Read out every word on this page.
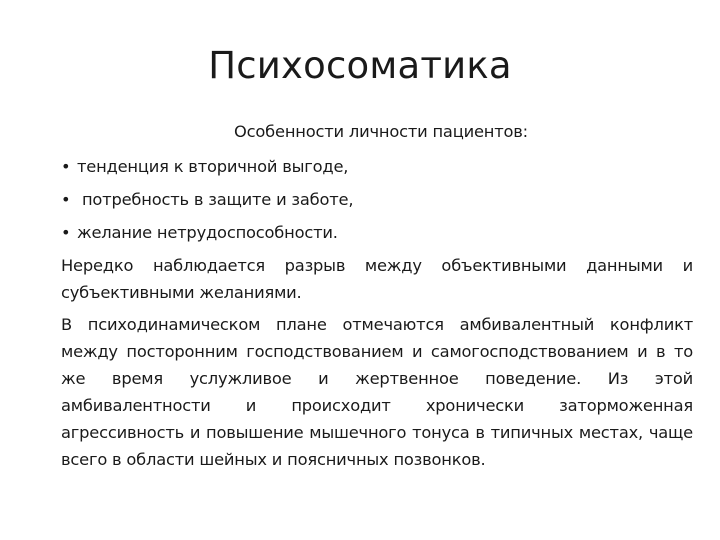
Психосоматика

Особенности личности пациентов:

• тенденция к вторичной выгоде,
• потребность в защите и заботе,
• желание нетрудоспособности.

Нередко наблюдается разрыв между объективными данными и субъективными желаниями.

В психодинамическом плане отмечаются амбивалентный конфликт между посторонним господствованием и самогосподствованием и в то же время услужливое и жертвенное поведение. Из этой амбивалентности и происходит хронически заторможенная агрессивность и повышение мышечного тонуса в типичных местах, чаще всего в области шейных и поясничных позвонков.
